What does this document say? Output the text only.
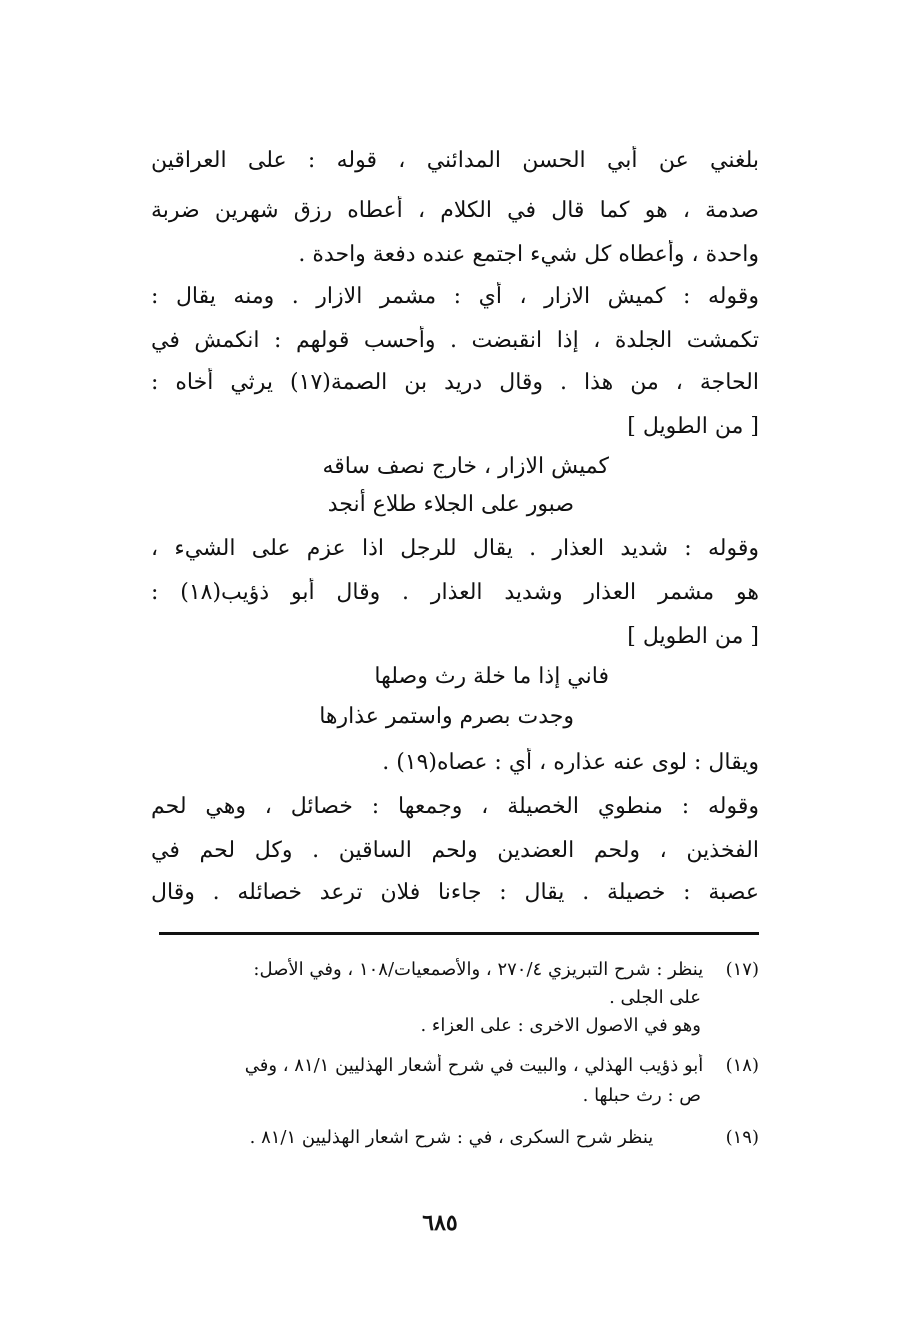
بلغني عن أبي الحسن المدائني ، قوله : على العراقين
صدمة ، هو كما قال في الكلام ، أعطاه رزق شهرين ضربة
واحدة ، وأعطاه كل شيء اجتمع عنده دفعة واحدة .
وقوله : كميش الازار ، أي : مشمر الازار . ومنه يقال :
تكمشت الجلدة ، إذا انقبضت . وأحسب قولهم : انكمش في
الحاجة ، من هذا . وقال دريد بن الصمة(١٧) يرثي أخاه :
[ من الطويل ]
كميش الازار ، خارج نصف ساقه
صبور على الجلاء طلاع أنجد
وقوله : شديد العذار . يقال للرجل اذا عزم على الشيء ،
هو مشمر العذار وشديد العذار . وقال أبو ذؤيب(١٨) :
[ من الطويل ]
فاني إذا ما خلة رث وصلها
وجدت بصرم واستمر عذارها
ويقال : لوى عنه عذاره ، أي : عصاه(١٩) .
وقوله : منطوي الخصيلة ، وجمعها : خصائل ، وهي لحم
الفخذين ، ولحم العضدين ولحم الساقين . وكل لحم في
عصبة : خصيلة . يقال : جاءنا فلان ترعد خصائله . وقال
(١٧) ينظر : شرح التبريزي ٢٧٠/٤ ، والأصمعيات/١٠٨ ، وفي الأصل:
على الجلى .
وهو في الاصول الاخرى : على العزاء .
(١٨) أبو ذؤيب الهذلي ، والبيت في شرح أشعار الهذليين ٨١/١ ، وفي
ص : رث حبلها .
(١٩) ينظر شرح السكرى ، في : شرح اشعار الهذليين ٨١/١ .
٦٨٥
